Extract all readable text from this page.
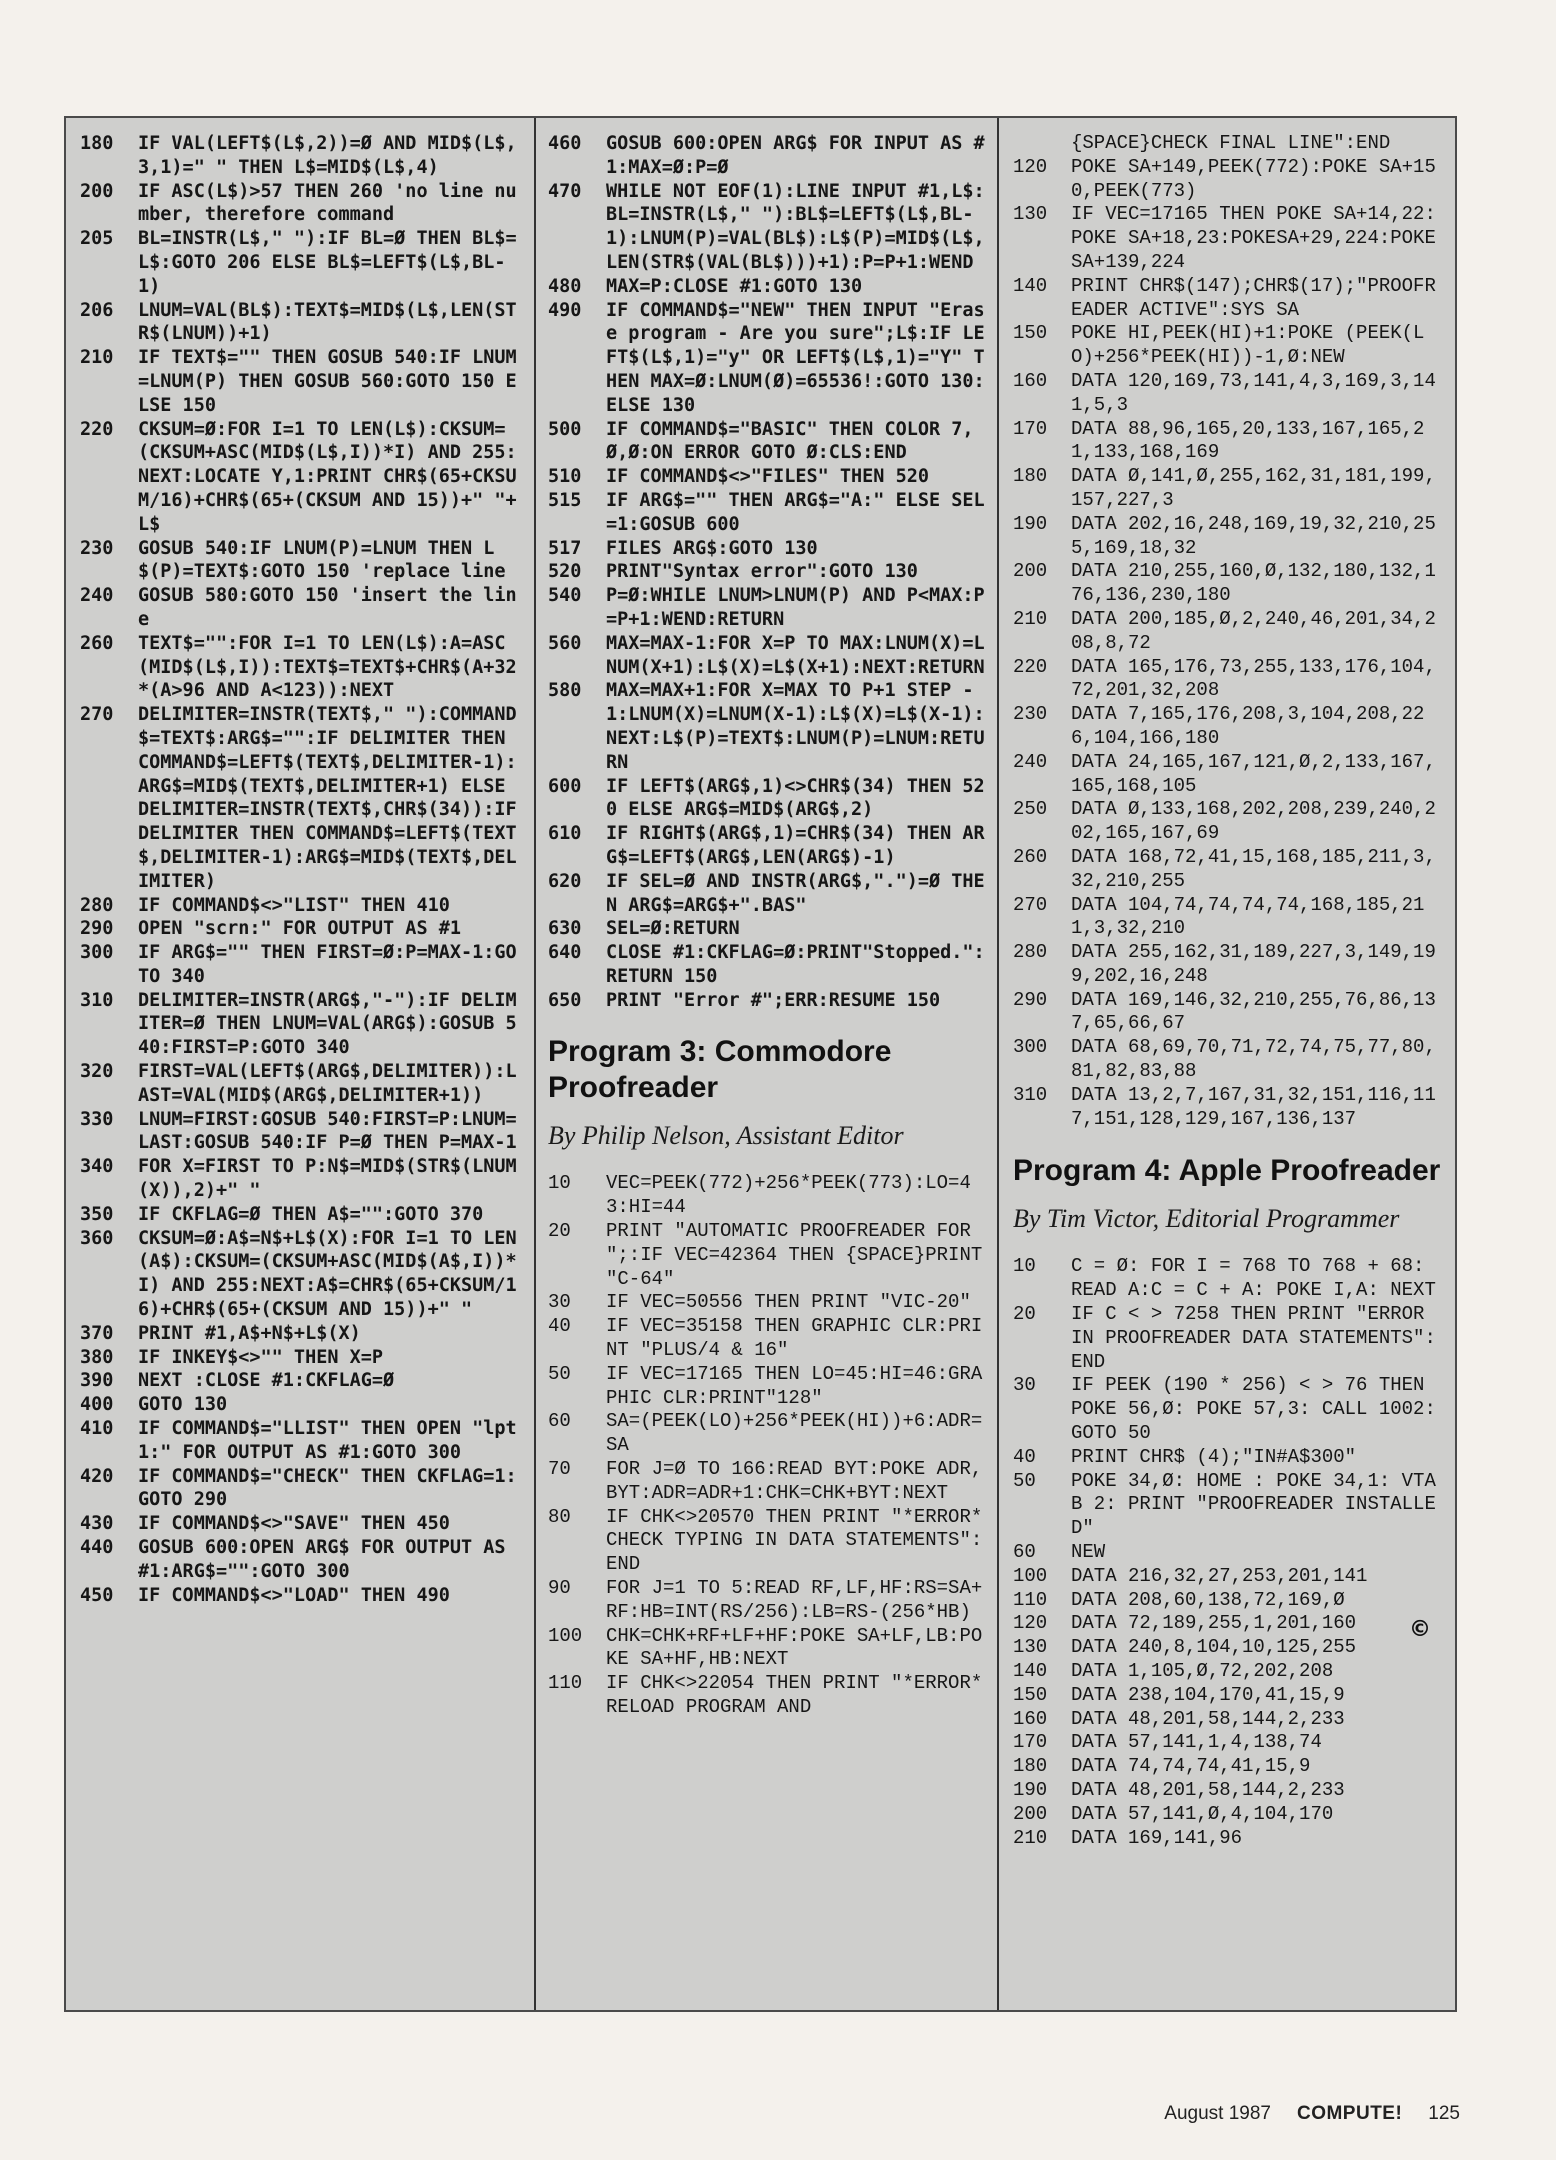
180	IF VAL(LEFT$(L$,2))=Ø AND MID$(L$,3,1)=" " THEN L$=MID$(L$,4)
200	IF ASC(L$)>57 THEN 260 'no line number, therefore command
205	BL=INSTR(L$," "):IF BL=Ø THEN BL$=L$:GOTO 206 ELSE BL$=LEFT$(L$,BL-1)
206	LNUM=VAL(BL$):TEXT$=MID$(L$,LEN(STR$(LNUM))+1)
210	IF TEXT$="" THEN GOSUB 540:IF LNUM=LNUM(P) THEN GOSUB 560:GOTO 150 ELSE 150
220	CKSUM=Ø:FOR I=1 TO LEN(L$):CKSUM=(CKSUM+ASC(MID$(L$,I))*I) AND 255:NEXT:LOCATE Y,1:PRINT CHR$(65+CKSUM/16)+CHR$(65+(CKSUM AND 15))+" "+L$
230	GOSUB 540:IF LNUM(P)=LNUM THEN L$(P)=TEXT$:GOTO 150 'replace line
240	GOSUB 580:GOTO 150 'insert the line
260	TEXT$="":FOR I=1 TO LEN(L$):A=ASC(MID$(L$,I)):TEXT$=TEXT$+CHR$(A+32*(A>96 AND A<123)):NEXT
270	DELIMITER=INSTR(TEXT$," "):COMMAND$=TEXT$:ARG$="":IF DELIMITER THEN COMMAND$=LEFT$(TEXT$,DELIMITER-1):ARG$=MID$(TEXT$,DELIMITER+1) ELSE DELIMITER=INSTR(TEXT$,CHR$(34)):IF DELIMITER THEN COMMAND$=LEFT$(TEXT$,DELIMITER-1):ARG$=MID$(TEXT$,DELIMITER)
280	IF COMMAND$<>"LIST" THEN 410
290	OPEN "scrn:" FOR OUTPUT AS #1
300	IF ARG$="" THEN FIRST=Ø:P=MAX-1:GOTO 340
310	DELIMITER=INSTR(ARG$,"-"):IF DELIMITER=Ø THEN LNUM=VAL(ARG$):GOSUB 540:FIRST=P:GOTO 340
320	FIRST=VAL(LEFT$(ARG$,DELIMITER)):LAST=VAL(MID$(ARG$,DELIMITER+1))
330	LNUM=FIRST:GOSUB 540:FIRST=P:LNUM=LAST:GOSUB 540:IF P=Ø THEN P=MAX-1
340	FOR X=FIRST TO P:N$=MID$(STR$(LNUM(X)),2)+" "
350	IF CKFLAG=Ø THEN A$="":GOTO 370
360	CKSUM=Ø:A$=N$+L$(X):FOR I=1 TO LEN(A$):CKSUM=(CKSUM+ASC(MID$(A$,I))*I) AND 255:NEXT:A$=CHR$(65+CKSUM/16)+CHR$(65+(CKSUM AND 15))+" "
370	PRINT #1,A$+N$+L$(X)
380	IF INKEY$<>"" THEN X=P
390	NEXT :CLOSE #1:CKFLAG=Ø
400	GOTO 130
410	IF COMMAND$="LLIST" THEN OPEN "lpt1:" FOR OUTPUT AS #1:GOTO 300
420	IF COMMAND$="CHECK" THEN CKFLAG=1:GOTO 290
430	IF COMMAND$<>"SAVE" THEN 450
440	GOSUB 600:OPEN ARG$ FOR OUTPUT AS #1:ARG$="":GOTO 300
450	IF COMMAND$<>"LOAD" THEN 490
460	GOSUB 600:OPEN ARG$ FOR INPUT AS #1:MAX=Ø:P=Ø
470	WHILE NOT EOF(1):LINE INPUT #1,L$:BL=INSTR(L$," "):BL$=LEFT$(L$,BL-1):LNUM(P)=VAL(BL$):L$(P)=MID$(L$,LEN(STR$(VAL(BL$)))+1):P=P+1:WEND
480	MAX=P:CLOSE #1:GOTO 130
490	IF COMMAND$="NEW" THEN INPUT "Erase program - Are you sure";L$:IF LEFT$(L$,1)="y" OR LEFT$(L$,1)="Y" THEN MAX=Ø:LNUM(Ø)=65536!:GOTO 130:ELSE 130
500	IF COMMAND$="BASIC" THEN COLOR 7,Ø,Ø:ON ERROR GOTO Ø:CLS:END
510	IF COMMAND$<>"FILES" THEN 520
515	IF ARG$="" THEN ARG$="A:" ELSE SEL=1:GOSUB 600
517	FILES ARG$:GOTO 130
520	PRINT"Syntax error":GOTO 130
540	P=Ø:WHILE LNUM>LNUM(P) AND P<MAX:P=P+1:WEND:RETURN
560	MAX=MAX-1:FOR X=P TO MAX:LNUM(X)=LNUM(X+1):L$(X)=L$(X+1):NEXT:RETURN
580	MAX=MAX+1:FOR X=MAX TO P+1 STEP -1:LNUM(X)=LNUM(X-1):L$(X)=L$(X-1):NEXT:L$(P)=TEXT$:LNUM(P)=LNUM:RETURN
600	IF LEFT$(ARG$,1)<>CHR$(34) THEN 520 ELSE ARG$=MID$(ARG$,2)
610	IF RIGHT$(ARG$,1)=CHR$(34) THEN ARG$=LEFT$(ARG$,LEN(ARG$)-1)
620	IF SEL=Ø AND INSTR(ARG$,".")=Ø THEN ARG$=ARG$+".BAS"
630	SEL=Ø:RETURN
640	CLOSE #1:CKFLAG=Ø:PRINT"Stopped.":RETURN 150
650	PRINT "Error #";ERR:RESUME 150
Program 3: Commodore Proofreader
By Philip Nelson, Assistant Editor
10	VEC=PEEK(772)+256*PEEK(773):LO=43:HI=44
20	PRINT "AUTOMATIC PROOFREADER FOR ";:IF VEC=42364 THEN {SPACE}PRINT "C-64"
30	IF VEC=50556 THEN PRINT "VIC-20"
40	IF VEC=35158 THEN GRAPHIC CLR:PRINT "PLUS/4 & 16"
50	IF VEC=17165 THEN LO=45:HI=46:GRAPHIC CLR:PRINT"128"
60	SA=(PEEK(LO)+256*PEEK(HI))+6:ADR=SA
70	FOR J=Ø TO 166:READ BYT:POKE ADR,BYT:ADR=ADR+1:CHK=CHK+BYT:NEXT
80	IF CHK<>20570 THEN PRINT "*ERROR* CHECK TYPING IN DATA STATEMENTS":END
90	FOR J=1 TO 5:READ RF,LF,HF:RS=SA+RF:HB=INT(RS/256):LB=RS-(256*HB)
100	CHK=CHK+RF+LF+HF:POKE SA+LF,LB:POKE SA+HF,HB:NEXT
110	IF CHK<>22054 THEN PRINT "*ERROR* RELOAD PROGRAM AND
{SPACE}CHECK FINAL LINE":END
120	POKE SA+149,PEEK(772):POKE SA+150,PEEK(773)
130	IF VEC=17165 THEN POKE SA+14,22:POKE SA+18,23:POKESA+29,224:POKESA+139,224
140	PRINT CHR$(147);CHR$(17);"PROOFREADER ACTIVE":SYS SA
150	POKE HI,PEEK(HI)+1:POKE (PEEK(LO)+256*PEEK(HI))-1,Ø:NEW
160	DATA 120,169,73,141,4,3,169,3,141,5,3
170	DATA 88,96,165,20,133,167,165,21,133,168,169
180	DATA Ø,141,Ø,255,162,31,181,199,157,227,3
190	DATA 202,16,248,169,19,32,210,255,169,18,32
200	DATA 210,255,160,Ø,132,180,132,176,136,230,180
210	DATA 200,185,Ø,2,240,46,201,34,208,8,72
220	DATA 165,176,73,255,133,176,104,72,201,32,208
230	DATA 7,165,176,208,3,104,208,226,104,166,180
240	DATA 24,165,167,121,Ø,2,133,167,165,168,105
250	DATA Ø,133,168,202,208,239,240,202,165,167,69
260	DATA 168,72,41,15,168,185,211,3,32,210,255
270	DATA 104,74,74,74,74,168,185,211,3,32,210
280	DATA 255,162,31,189,227,3,149,199,202,16,248
290	DATA 169,146,32,210,255,76,86,137,65,66,67
300	DATA 68,69,70,71,72,74,75,77,80,81,82,83,88
310	DATA 13,2,7,167,31,32,151,116,117,151,128,129,167,136,137
Program 4: Apple Proofreader
By Tim Victor, Editorial Programmer
10	C = Ø: FOR I = 768 TO 768 + 68: READ A:C = C + A: POKE I,A: NEXT
20	IF C < > 7258 THEN PRINT "ERROR IN PROOFREADER DATA STATEMENTS": END
30	IF PEEK (190 * 256) < > 76 THEN POKE 56,Ø: POKE 57,3: CALL 1002: GOTO 50
40	PRINT CHR$ (4);"IN#A$300"
50	POKE 34,Ø: HOME : POKE 34,1: VTAB 2: PRINT "PROOFREADER INSTALLED"
60	NEW
100	DATA 216,32,27,253,201,141
110	DATA 208,60,138,72,169,Ø
120	DATA 72,189,255,1,201,160
130	DATA 240,8,104,10,125,255
140	DATA 1,105,Ø,72,202,208
150	DATA 238,104,170,41,15,9
160	DATA 48,201,58,144,2,233
170	DATA 57,141,1,4,138,74
180	DATA 74,74,74,41,15,9
190	DATA 48,201,58,144,2,233
200	DATA 57,141,Ø,4,104,170
210	DATA 169,141,96
©
August 1987 COMPUTE! 125
